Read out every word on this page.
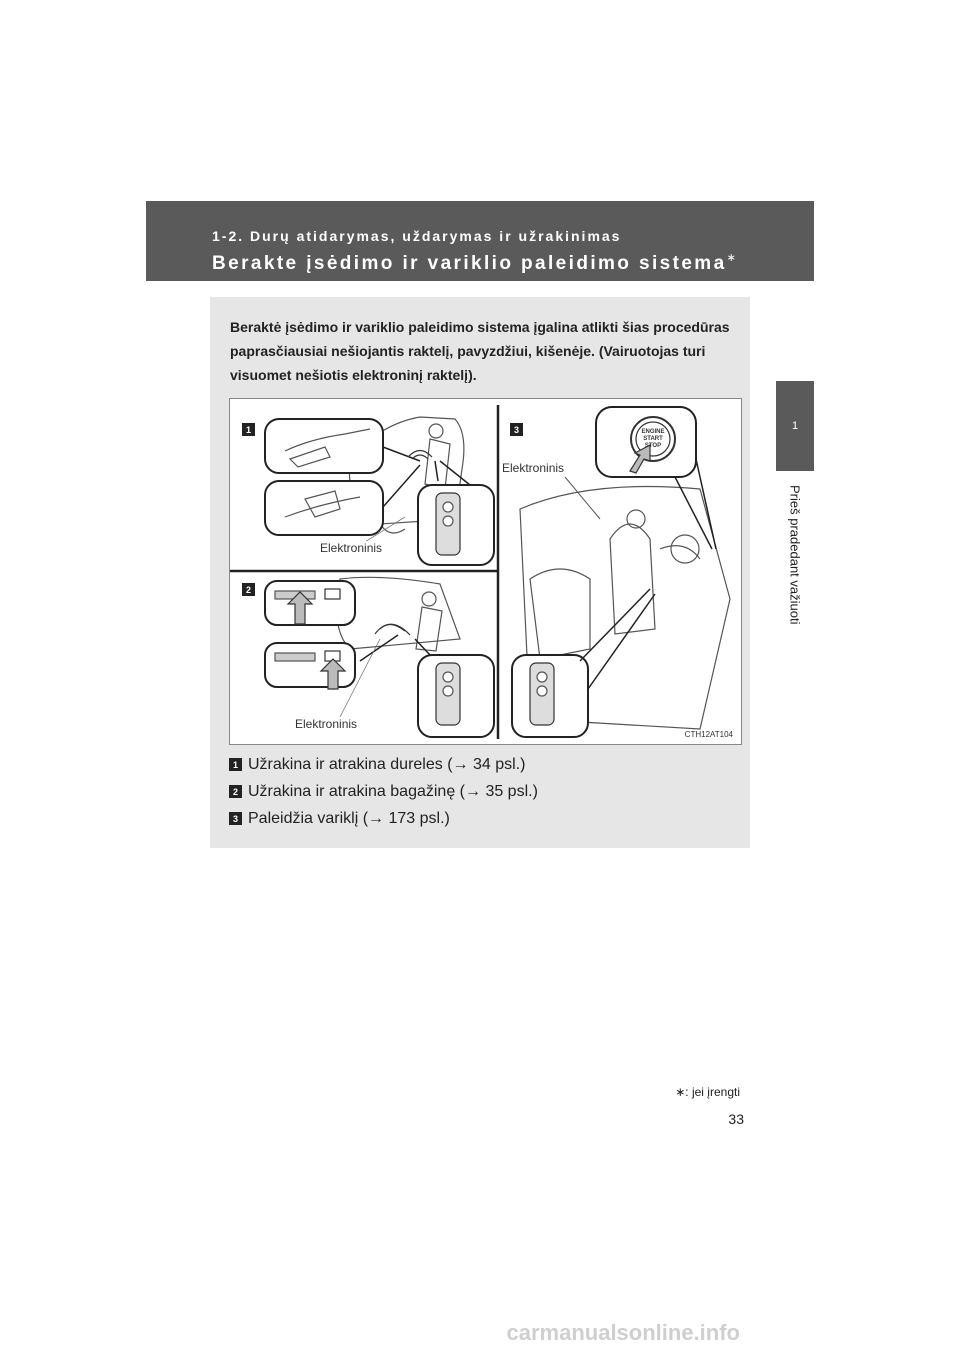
1-2. Durų atidarymas, uždarymas ir užrakinimas
Berakte įsėdimo ir variklio paleidimo sistema∗
1
Prieš pradedant važiuoti
Beraktė įsėdimo ir variklio paleidimo sistema įgalina atlikti šias procedūras paprasčiausiai nešiojantis raktelį, pavyzdžiui, kišenėje. (Vairuotojas turi visuomet nešiotis elektroninį raktelį).
1
2
3
Elektroninis
Elektroninis
Elektroninis
ENGINE
START
STOP
CTH12AT104
1 Užrakina ir atrakina dureles (→ 34 psl.)
2 Užrakina ir atrakina bagažinę (→ 35 psl.)
3 Paleidžia variklį (→ 173 psl.)
∗: jei įrengti
33
carmanualsonline.info
